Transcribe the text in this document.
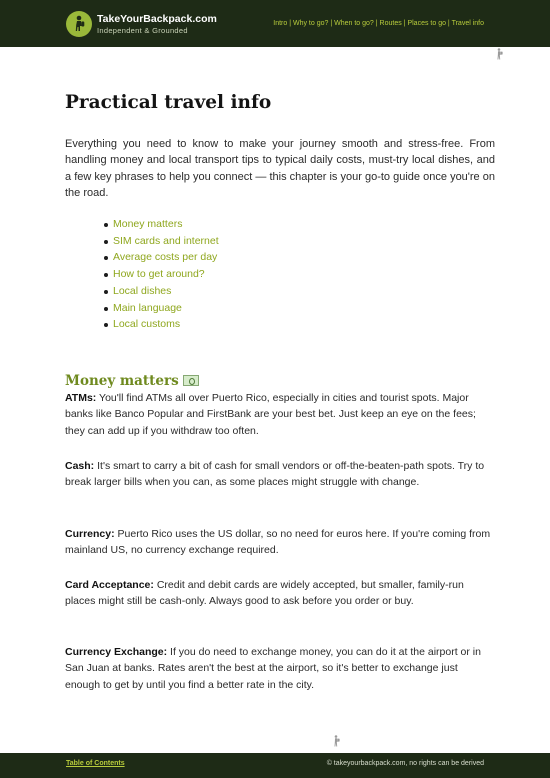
TakeYourBackpack.com
Independent & Grounded
Intro | Why to go? | When to go? | Routes | Places to go | Travel info
Practical travel info

Everything you need to know to make your journey smooth and stress-free. From handling money and local transport tips to typical daily costs, must-try local dishes, and a few key phrases to help you connect — this chapter is your go-to guide once you're on the road.

Money matters
SIM cards and internet
Average costs per day
How to get around?
Local dishes
Main language
Local customs
Money matters

ATMs: You'll find ATMs all over Puerto Rico, especially in cities and tourist spots. Major banks like Banco Popular and FirstBank are your best bet. Just keep an eye on the fees; they can add up if you withdraw too often.

Cash: It's smart to carry a bit of cash for small vendors or off-the-beaten-path spots. Try to break larger bills when you can, as some places might struggle with change.

Currency: Puerto Rico uses the US dollar, so no need for euros here. If you're coming from mainland US, no currency exchange required.

Card Acceptance: Credit and debit cards are widely accepted, but smaller, family-run places might still be cash-only. Always good to ask before you order or buy.

Currency Exchange: If you do need to exchange money, you can do it at the airport or in San Juan at banks. Rates aren't the best at the airport, so it's better to exchange just enough to get by until you find a better rate in the city.

Table of Contents	© takeyourbackpack.com, no rights can be derived
